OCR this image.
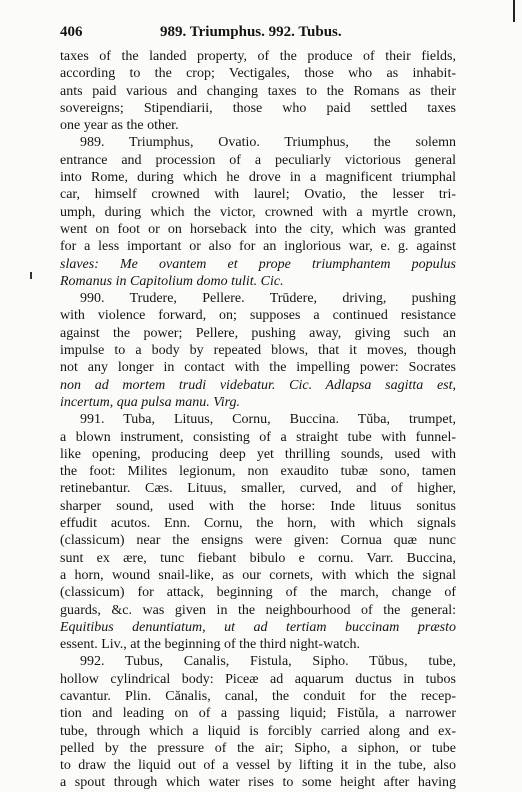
406	989. Triumphus. 992. Tubus.
taxes of the landed property, of the produce of their fields,
according to the crop; Vectigales, those who as inhabit-
ants paid various and changing taxes to the Romans as their
sovereigns; Stipendiarii, those who paid settled taxes
one year as the other.
989. Triumphus, Ovatio. Triumphus, the solemn
entrance and procession of a peculiarly victorious general
into Rome, during which he drove in a magnificent triumphal
car, himself crowned with laurel; Ovatio, the lesser tri-
umph, during which the victor, crowned with a myrtle crown,
went on foot or on horseback into the city, which was granted
for a less important or also for an inglorious war, e. g. against
slaves: Me ovantem et prope triumphantem populus
Romanus in Capitolium domo tulit. Cic.
990. Trudere, Pellere. Trūdere, driving, pushing
with violence forward, on; supposes a continued resistance
against the power; Pellere, pushing away, giving such an
impulse to a body by repeated blows, that it moves, though
not any longer in contact with the impelling power: Socrates
non ad mortem trudi videbatur. Cic. Adlapsa sagitta est,
incertum, qua pulsa manu. Virg.
991. Tuba, Lituus, Cornu, Buccina. Tŭba, trumpet,
a blown instrument, consisting of a straight tube with funnel-
like opening, producing deep yet thrilling sounds, used with
the foot: Milites legionum, non exaudito tubæ sono, tamen
retinebantur. Cæs. Lituus, smaller, curved, and of higher,
sharper sound, used with the horse: Inde lituus sonitus
effudit acutos. Enn. Cornu, the horn, with which signals
(classicum) near the ensigns were given: Cornua quæ nunc
sunt ex ære, tunc fiebant bibulo e cornu. Varr. Buccina,
a horn, wound snail-like, as our cornets, with which the signal
(classicum) for attack, beginning of the march, change of
guards, &c. was given in the neighbourhood of the general:
Equitibus denuntiatum, ut ad tertiam buccinam præsto
essent. Liv., at the beginning of the third night-watch.
992. Tubus, Canalis, Fistula, Sipho. Tŭbus, tube,
hollow cylindrical body: Piceæ ad aquarum ductus in tubos
cavantur. Plin. Cănalis, canal, the conduit for the recep-
tion and leading on of a passing liquid; Fistŭla, a narrower
tube, through which a liquid is forcibly carried along and ex-
pelled by the pressure of the air; Sipho, a siphon, or tube
to draw the liquid out of a vessel by lifting it in the tube, also
a spout through which water rises to some height after having
